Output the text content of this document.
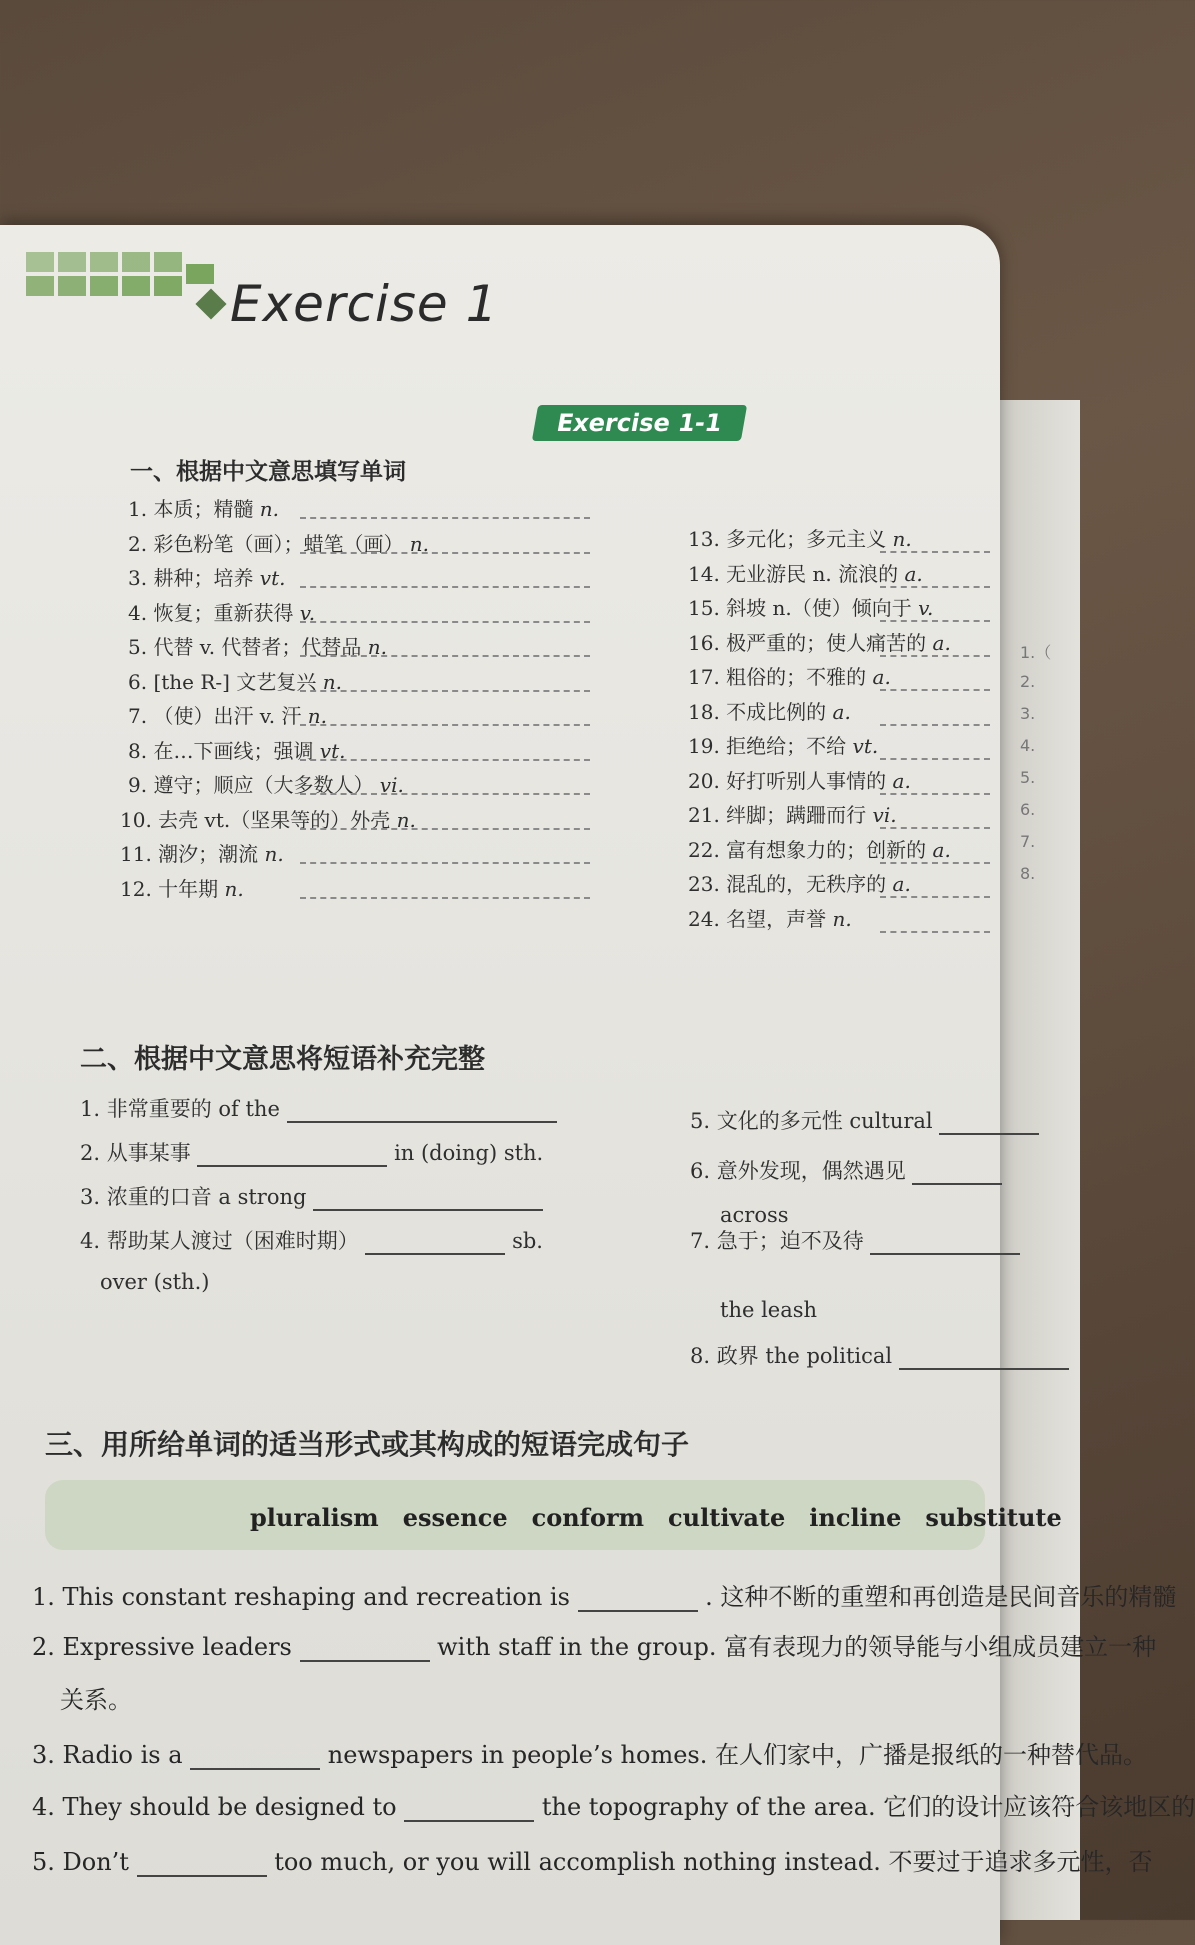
1.（
2.
3.
4.
5.
6.
7.
8.
Exercise 1
Exercise 1-1
一、根据中文意思填写单词
1. 本质；精髓 n.
2. 彩色粉笔（画）；蜡笔（画） n.
3. 耕种；培养 vt.
4. 恢复；重新获得 v.
5. 代替 v. 代替者；代替品 n.
6. [the R-] 文艺复兴 n.
7. （使）出汗 v. 汗 n.
8. 在…下画线；强调 vt.
9. 遵守；顺应（大多数人） vi.
10. 去壳 vt.（坚果等的）外壳 n.
11. 潮汐；潮流 n.
12. 十年期 n.
13. 多元化；多元主义 n.
14. 无业游民 n. 流浪的 a.
15. 斜坡 n.（使）倾向于 v.
16. 极严重的；使人痛苦的 a.
17. 粗俗的；不雅的 a.
18. 不成比例的 a.
19. 拒绝给；不给 vt.
20. 好打听别人事情的 a.
21. 绊脚；蹒跚而行 vi.
22. 富有想象力的；创新的 a.
23. 混乱的，无秩序的 a.
24. 名望，声誉 n.
二、根据中文意思将短语补充完整
1. 非常重要的 of the
2. 从事某事	in (doing) sth.
3. 浓重的口音 a strong
4. 帮助某人渡过（困难时期）	sb.
over (sth.)
5. 文化的多元性 cultural
6. 意外发现，偶然遇见
7. 急于；迫不及待
8. 政界 the political
across
the leash
三、用所给单词的适当形式或其构成的短语完成句子
pluralism essence conform cultivate incline substitute
1. This constant reshaping and recreation is	. 这种不断的重塑和再创造是民间音乐的精髓
2. Expressive leaders	with staff in the group. 富有表现力的领导能与小组成员建立一种
关系。
3. Radio is a	newspapers in people’s homes. 在人们家中，广播是报纸的一种替代品。
4. They should be designed to	the topography of the area. 它们的设计应该符合该地区的
5. Don’t	too much, or you will accomplish nothing instead. 不要过于追求多元性，否
